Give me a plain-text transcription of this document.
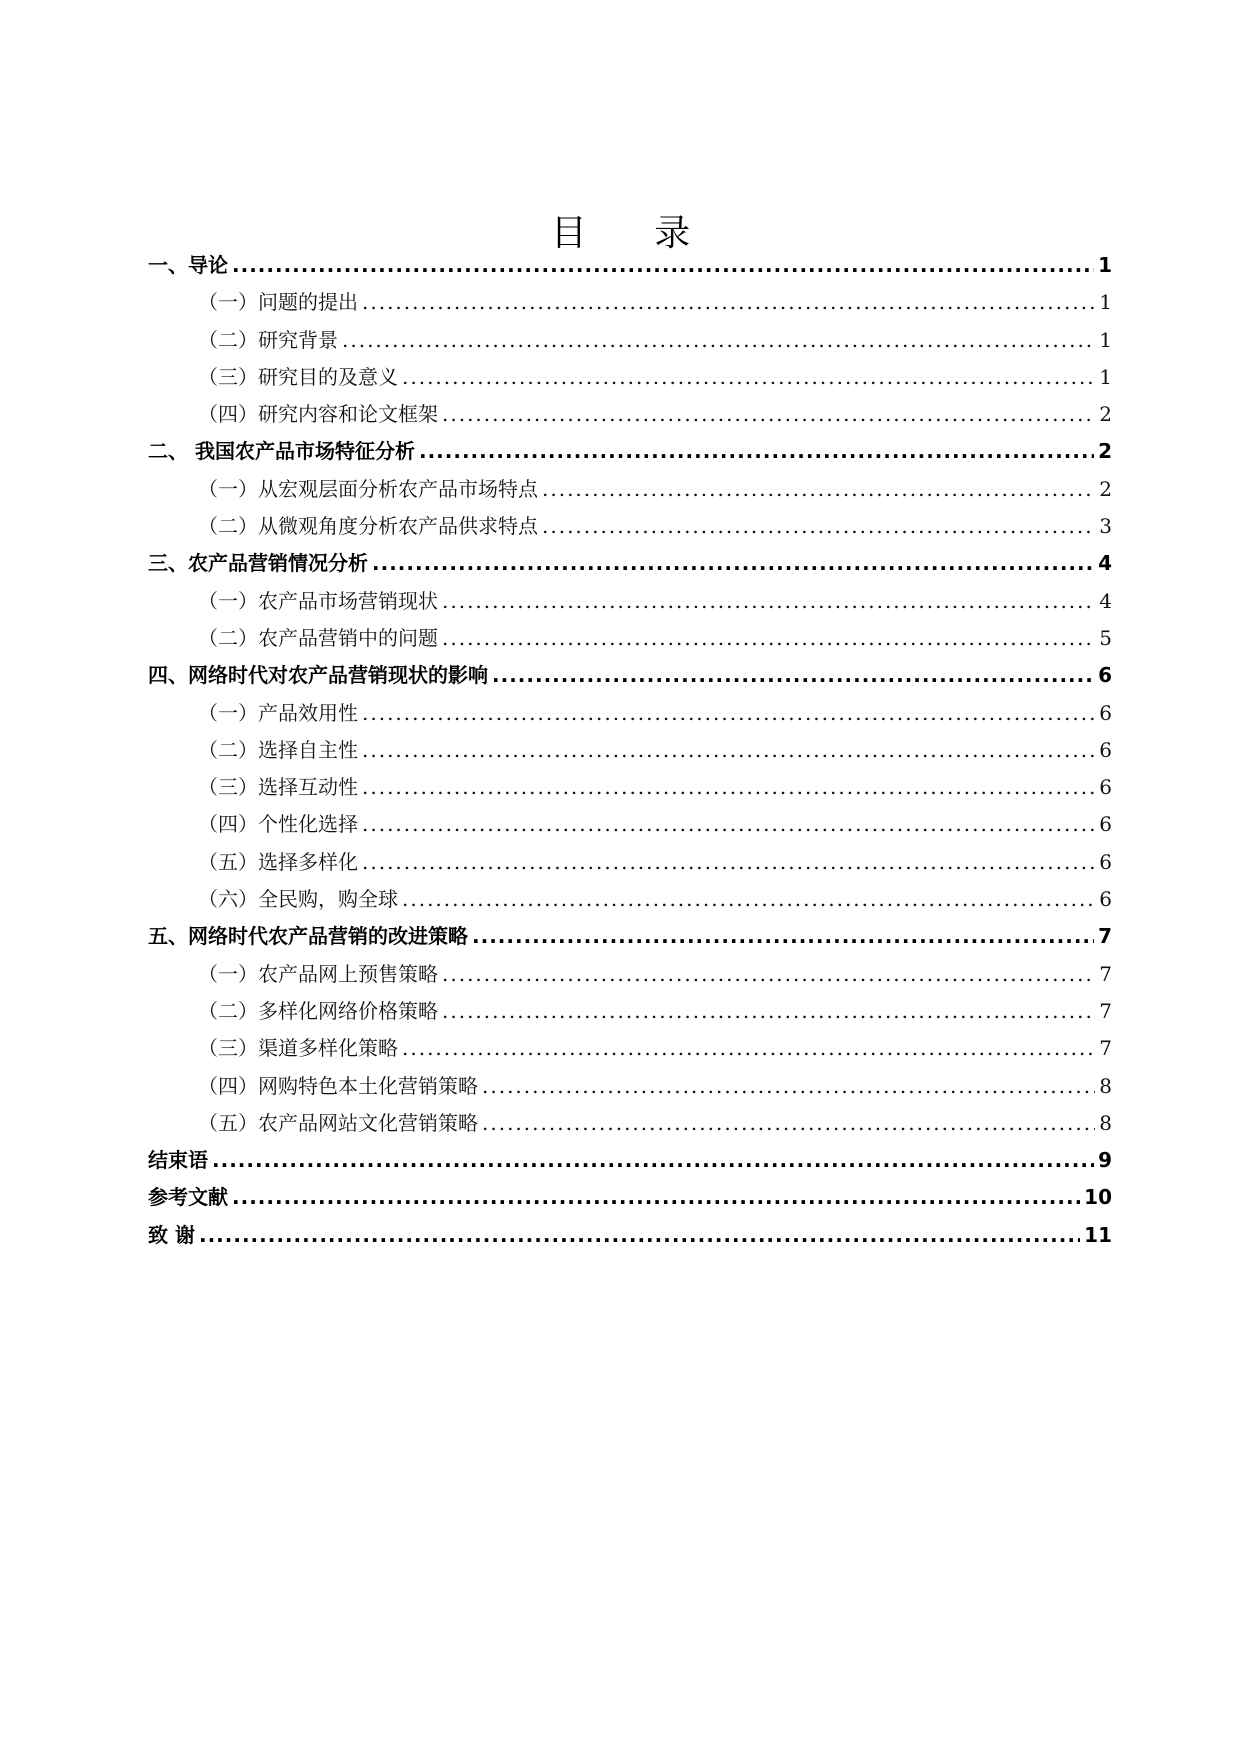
目 录
一、导论 .....	1
（一）问题的提出 .....	1
（二）研究背景 .....	1
（三）研究目的及意义 .....	1
（四）研究内容和论文框架 .....	2
二、 我国农产品市场特征分析 .....	2
（一）从宏观层面分析农产品市场特点 .....	2
（二）从微观角度分析农产品供求特点 .....	3
三、农产品营销情况分析 .....	4
（一）农产品市场营销现状 .....	4
（二）农产品营销中的问题 .....	5
四、网络时代对农产品营销现状的影响 .....	6
（一）产品效用性 .....	6
（二）选择自主性 .....	6
（三）选择互动性 .....	6
（四）个性化选择 .....	6
（五）选择多样化 .....	6
（六）全民购，购全球 .....	6
五、网络时代农产品营销的改进策略 .....	7
（一）农产品网上预售策略 .....	7
（二）多样化网络价格策略 .....	7
（三）渠道多样化策略 .....	7
（四）网购特色本土化营销策略 .....	8
（五）农产品网站文化营销策略 .....	8
结束语 .....	9
参考文献 .....	10
致 谢 .....	11
